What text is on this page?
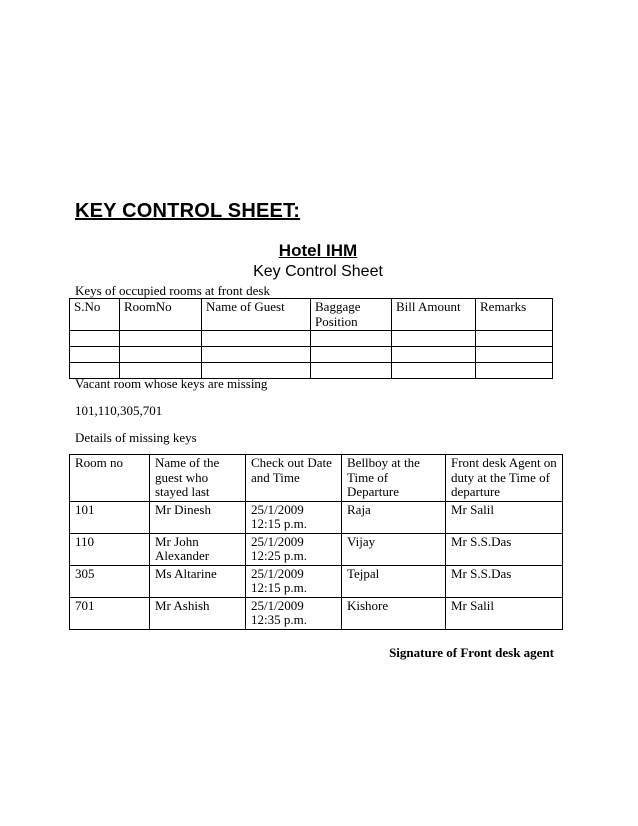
KEY CONTROL SHEET:
Hotel IHM
Key Control Sheet
Keys of occupied rooms at front desk
S.No	RoomNo	Name of Guest	Baggage Position	Bill Amount	Remarks

Vacant room whose keys are missing
101,110,305,701
Details of missing keys
Room no	Name of the guest who stayed last	Check out Date and Time	Bellboy at the Time of Departure	Front desk Agent on duty at the Time of departure
101	Mr Dinesh	25/1/2009 12:15 p.m.	Raja	Mr Salil
110	Mr John Alexander	25/1/2009 12:25 p.m.	Vijay	Mr S.S.Das
305	Ms Altarine	25/1/2009 12:15 p.m.	Tejpal	Mr S.S.Das
701	Mr Ashish	25/1/2009 12:35 p.m.	Kishore	Mr Salil
Signature of Front desk agent
